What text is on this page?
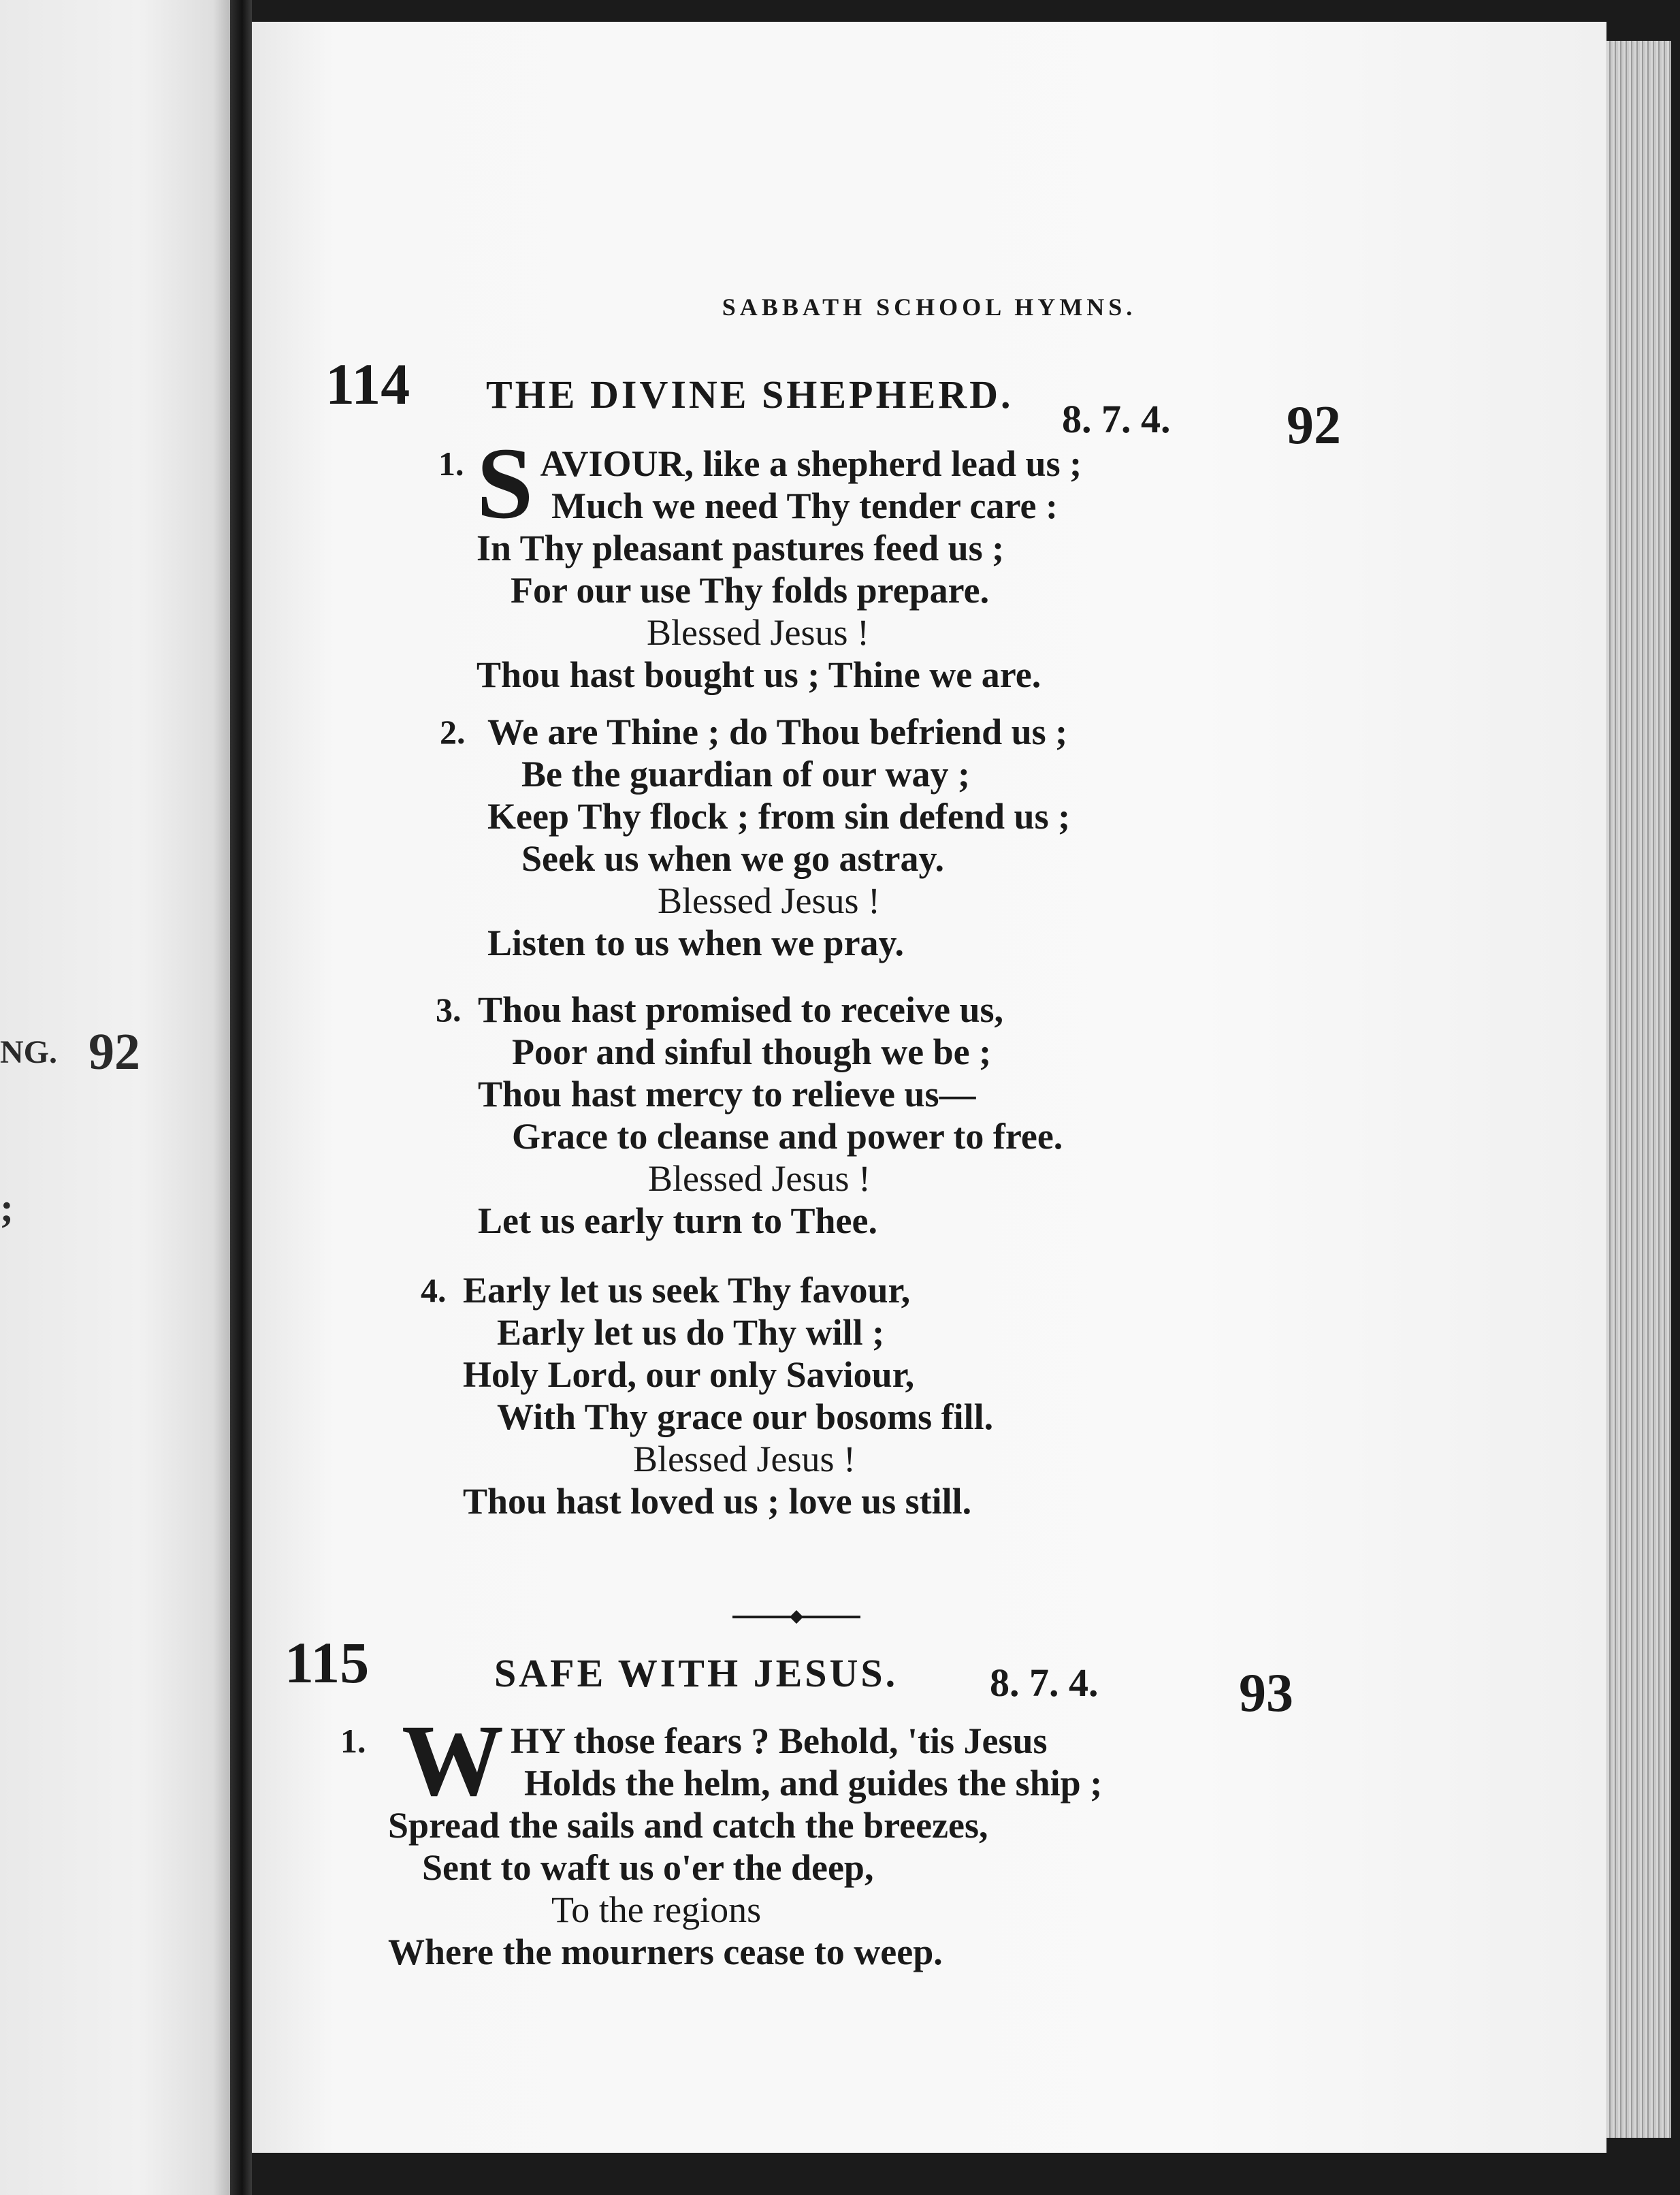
NG. 92
;
SABBATH SCHOOL HYMNS.
114 THE DIVINE SHEPHERD.
8. 7. 4. 92
1. SAVIOUR, like a shepherd lead us ;
Much we need Thy tender care :
In Thy pleasant pastures feed us ;
For our use Thy folds prepare.
Blessed Jesus !
Thou hast bought us ; Thine we are.
2. We are Thine ; do Thou befriend us ;
Be the guardian of our way ;
Keep Thy flock ; from sin defend us ;
Seek us when we go astray.
Blessed Jesus !
Listen to us when we pray.
3. Thou hast promised to receive us,
Poor and sinful though we be ;
Thou hast mercy to relieve us—
Grace to cleanse and power to free.
Blessed Jesus !
Let us early turn to Thee.
4. Early let us seek Thy favour,
Early let us do Thy will ;
Holy Lord, our only Saviour,
With Thy grace our bosoms fill.
Blessed Jesus !
Thou hast loved us ; love us still.
115	SAFE WITH JESUS. 8. 7. 4.	93
1. WHY those fears ? Behold, 'tis Jesus
Holds the helm, and guides the ship ;
Spread the sails and catch the breezes,
Sent to waft us o'er the deep,
To the regions
Where the mourners cease to weep.
